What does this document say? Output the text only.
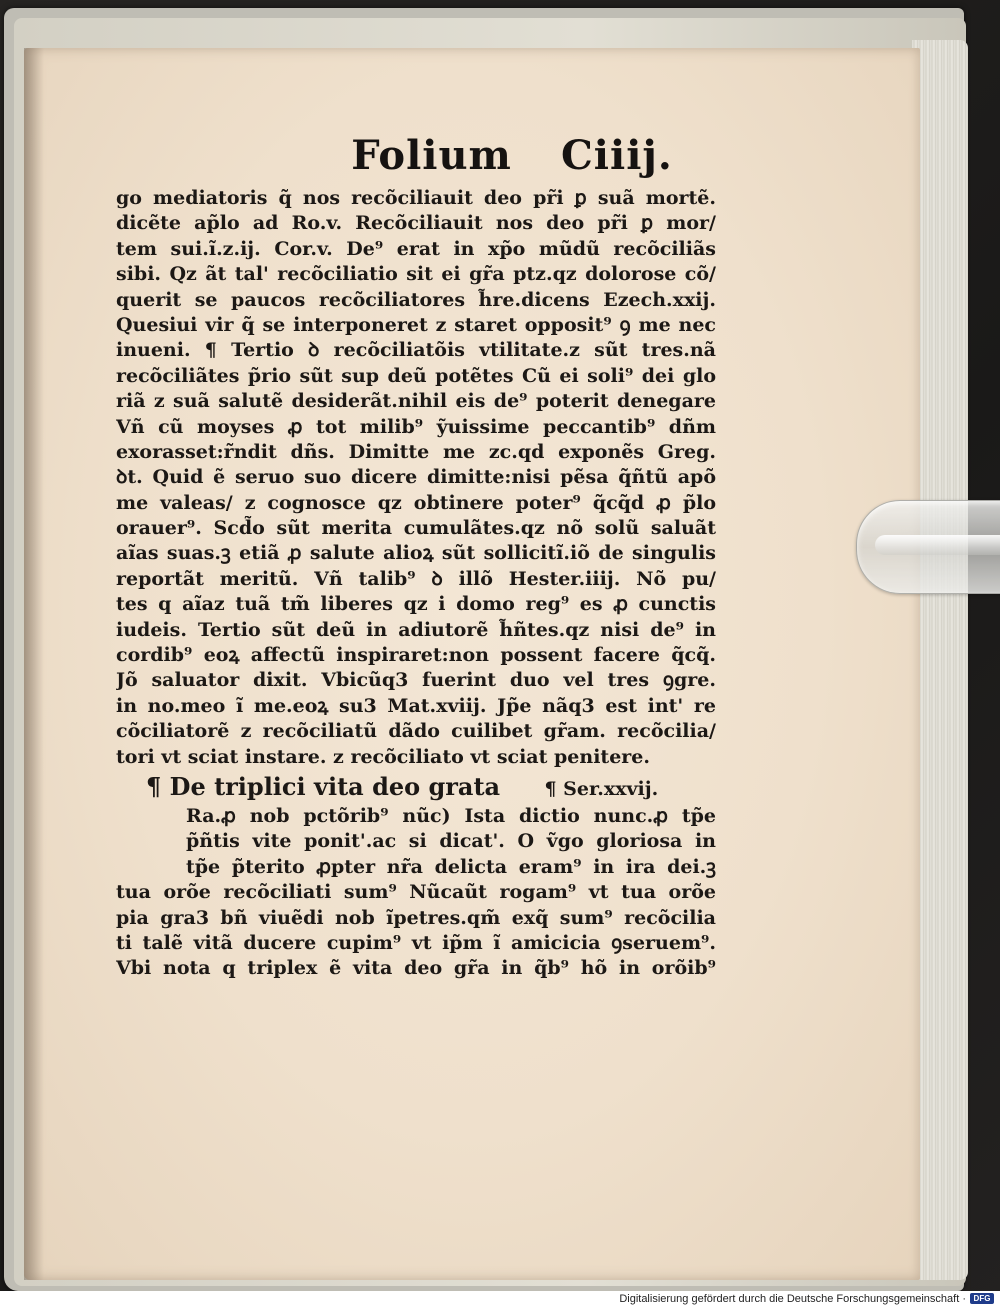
Folium Ciiij.
go mediatoris q̃ nos recõciliauit deo pr̃i ꝑ suã mortẽ.
dicẽte ap̃lo ad Ro.v. Recõciliauit nos deo pr̃i ꝑ mor/
tem sui.ĩ.z.ij. Cor.v. De⁹ erat in xp̃o mũdũ recõciliãs
sibi. Qz ãt tal' recõciliatio sit ei gr̃a ptz.qz dolorose cõ/
querit se paucos recõciliatores h̃re.dicens Ezech.xxij.
Quesiui vir q̃ se interponeret z staret opposit⁹ ꝯ me nec
inueni. ¶ Tertio ꝺ recõciliatõis vtilitate.z sũt tres.nã
recõciliãtes p̃rio sũt sup deũ potẽtes Cũ ei soli⁹ dei glo
riã z suã salutẽ desiderãt.nihil eis de⁹ poterit denegare
Vñ cũ moyses ꝓ tot milib⁹ ỹuissime peccantib⁹ dñm
exorasset:r̃ndit dñs. Dimitte me zc.qd exponẽs Greg.
ꝺt. Quid ẽ seruo suo dicere dimitte:nisi pẽsa q̃ñtũ apõ
me valeas/ z cognosce qz obtinere poter⁹ q̃cq̃d ꝓ p̃lo
orauer⁹. Scd̃o sũt merita cumulãtes.qz nõ solũ saluãt
aĩas suas.ꝫ etiã ꝓ salute alioꝝ sũt sollicitĩ.iõ de singulis
reportãt meritũ. Vñ talib⁹ ꝺ illõ Hester.iiij. Nõ pu/
tes q aĩaz tuã tm̃ liberes qz i domo reg⁹ es ꝓ cunctis
iudeis. Tertio sũt deũ in adiutorẽ h̃ñtes.qz nisi de⁹ in
cordib⁹ eoꝝ affectũ inspiraret:non possent facere q̃cq̃.
Jõ saluator dixit. Vbicũq3 fuerint duo vel tres ꝯgre.
in no.meo ĩ me.eoꝝ su3 Mat.xviij. Jp̃e nãq3 est int' re
cõciliatorẽ z recõciliatũ dãdo cuilibet gr̃am. recõcilia/
tori vt sciat instare. z recõciliato vt sciat penitere.
¶ De triplici vita deo grata ¶ Ser.xxvij.
Ra.ꝓ nob pctõrib⁹ nũc) Ista dictio nunc.ꝓ tp̃e
p̃ñtis vite ponit'.ac si dicat'. O ṽgo gloriosa in
tp̃e p̃terito ꝓpter nr̃a delicta eram⁹ in ira dei.ꝫ
tua orõe recõciliati sum⁹ Nũcaũt rogam⁹ vt tua orõe
pia gra3 bñ viuẽdi nob ĩpetres.qm̃ exq̃ sum⁹ recõcilia
ti talẽ vitã ducere cupim⁹ vt ip̃m ĩ amicicia ꝯseruem⁹.
Vbi nota q triplex ẽ vita deo gr̃a in q̃b⁹ hõ in orõib⁹
Digitalisierung gefördert durch die Deutsche Forschungsgemeinschaft · DFG
